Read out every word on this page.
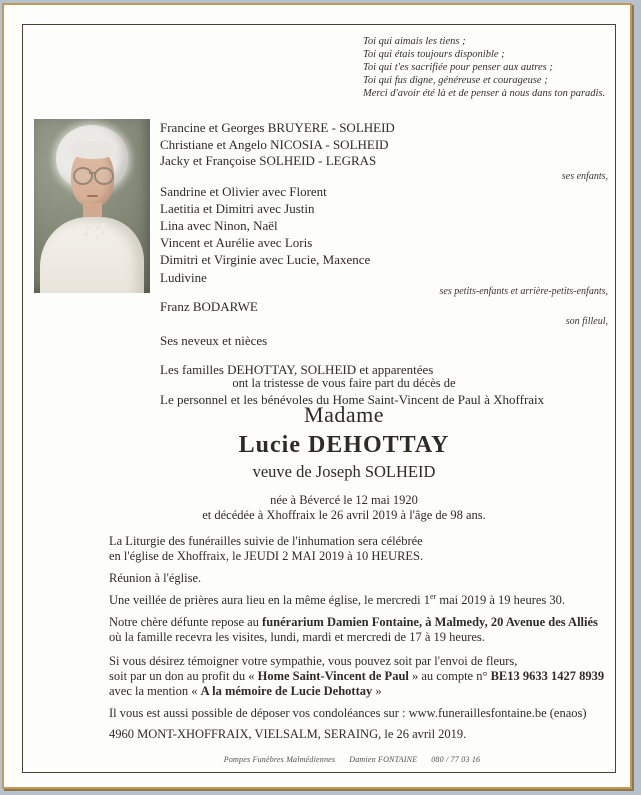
Toi qui aimais les tiens ;
Toi qui étais toujours disponible ;
Toi qui t'es sacrifiée pour penser aux autres ;
Toi qui fus digne, généreuse et courageuse ;
Merci d'avoir été là et de penser à nous dans ton paradis.
Francine et Georges BRUYERE - SOLHEID
Christiane et Angelo NICOSIA - SOLHEID
Jacky et Françoise SOLHEID - LEGRAS
ses enfants,
Sandrine et Olivier avec Florent
Laetitia et Dimitri avec Justin
Lina avec Ninon, Naël
Vincent et Aurélie avec Loris
Dimitri et Virginie avec Lucie, Maxence
Ludivine
ses petits-enfants et arrière-petits-enfants,
Franz BODARWE
son filleul,
Ses neveux et nièces
Les familles DEHOTTAY, SOLHEID et apparentées
Le personnel et les bénévoles du Home Saint-Vincent de Paul à Xhoffraix
ont la tristesse de vous faire part du décès de
Madame
Lucie DEHOTTAY
veuve de Joseph SOLHEID
née à Bévercé le 12 mai 1920
et décédée à Xhoffraix le 26 avril 2019 à l'âge de 98 ans.

La Liturgie des funérailles suivie de l'inhumation sera célébrée

en l'église de Xhoffraix, le JEUDI 2 MAI 2019 à 10 HEURES.

Réunion à l'église.

Une veillée de prières aura lieu en la même église, le mercredi 1er mai 2019 à 19 heures 30.

Notre chère défunte repose au funérarium Damien Fontaine, à Malmedy, 20 Avenue des Alliés

où la famille recevra les visites, lundi, mardi et mercredi de 17 à 19 heures.

Si vous désirez témoigner votre sympathie, vous pouvez soit par l'envoi de fleurs,

soit par un don au profit du « Home Saint-Vincent de Paul » au compte n° BE13 9633 1427 8939

avec la mention « A la mémoire de Lucie Dehottay »

Il vous est aussi possible de déposer vos condoléances sur : www.funeraillesfontaine.be (enaos)

4960 MONT-XHOFFRAIX, VIELSALM, SERAING, le 26 avril 2019.

Pompes Funèbres Malmédiennes Damien FONTAINE 080 / 77 03 16
